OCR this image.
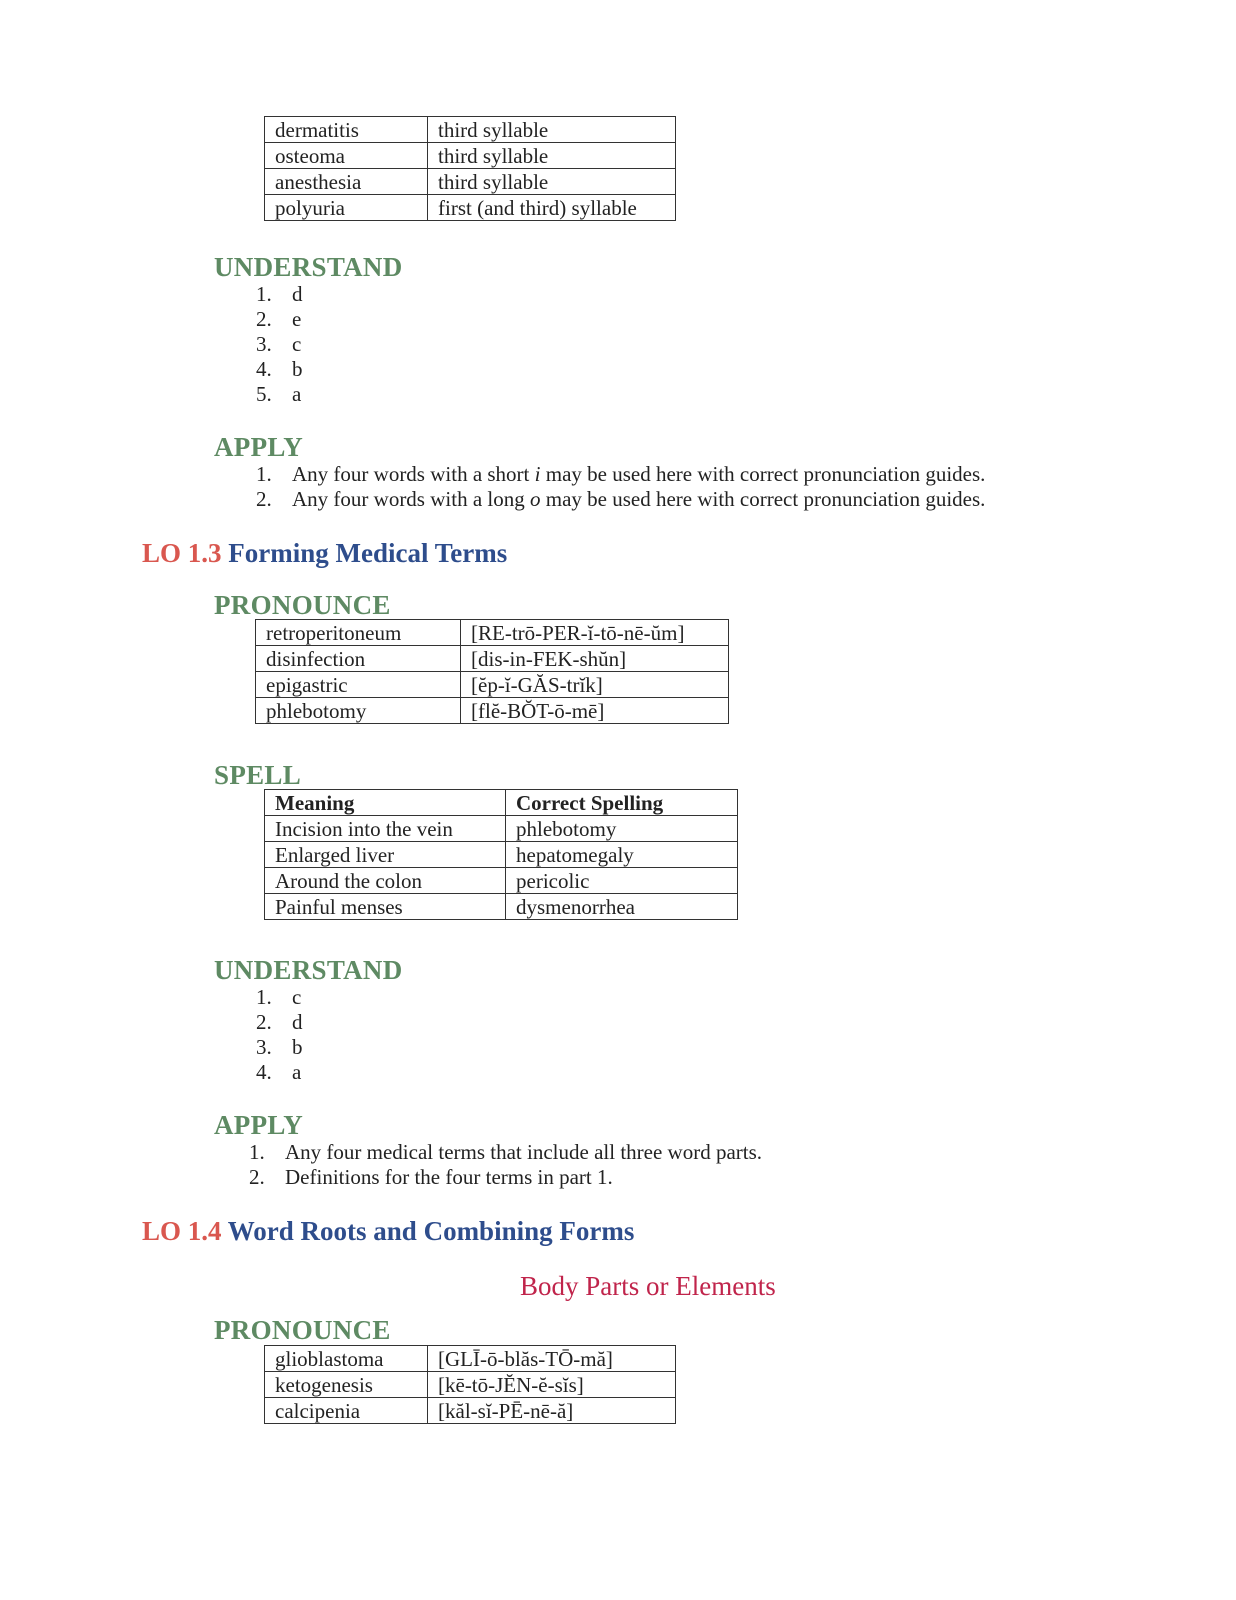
dermatitis	third syllable
osteoma	third syllable
anesthesia	third syllable
polyuria	first (and third) syllable
UNDERSTAND
1. d
2. e
3. c
4. b
5. a
APPLY
1. Any four words with a short i may be used here with correct pronunciation guides.
2. Any four words with a long o may be used here with correct pronunciation guides.
LO 1.3 Forming Medical Terms
PRONOUNCE
retroperitoneum	[RE-trō-PER-ĭ-tō-nē-ŭm]
disinfection	[dis-in-FEK-shŭn]
epigastric	[ĕp-ĭ-GĂS-trĭk]
phlebotomy	[flĕ-BŎT-ō-mē]
SPELL
Meaning	Correct Spelling
Incision into the vein	phlebotomy
Enlarged liver	hepatomegaly
Around the colon	pericolic
Painful menses	dysmenorrhea
UNDERSTAND
1. c
2. d
3. b
4. a
APPLY
1. Any four medical terms that include all three word parts.
2. Definitions for the four terms in part 1.
LO 1.4 Word Roots and Combining Forms
Body Parts or Elements
PRONOUNCE
glioblastoma	[GLĪ-ō-blăs-TŌ-mă]
ketogenesis	[kē-tō-JĔN-ĕ-sĭs]
calcipenia	[kăl-sĭ-PĒ-nē-ă]
